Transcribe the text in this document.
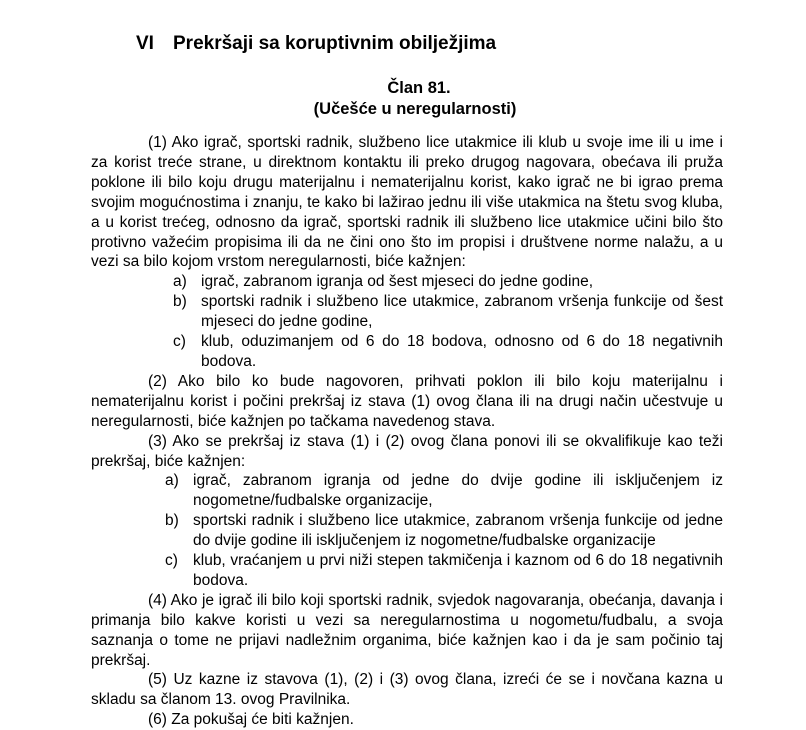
VI Prekršaji sa koruptivnim obilježjima
Član 81.
(Učešće u neregularnosti)

(1) Ako igrač, sportski radnik, službeno lice utakmice ili klub u svoje ime ili u ime i za korist treće strane, u direktnom kontaktu ili preko drugog nagovara, obećava ili pruža poklone ili bilo koju drugu materijalnu i nematerijalnu korist, kako igrač ne bi igrao prema svojim mogućnostima i znanju, te kako bi lažirao jednu ili više utakmica na štetu svog kluba, a u korist trećeg, odnosno da igrač, sportski radnik ili službeno lice utakmice učini bilo što protivno važećim propisima ili da ne čini ono što im propisi i društvene norme nalažu, a u vezi sa bilo kojom vrstom neregularnosti, biće kažnjen:

a) igrač, zabranom igranja od šest mjeseci do jedne godine,
b) sportski radnik i službeno lice utakmice, zabranom vršenja funkcije od šest mjeseci do jedne godine,
c) klub, oduzimanjem od 6 do 18 bodova, odnosno od 6 do 18 negativnih bodova.

(2) Ako bilo ko bude nagovoren, prihvati poklon ili bilo koju materijalnu i nematerijalnu korist i počini prekršaj iz stava (1) ovog člana ili na drugi način učestvuje u neregularnosti, biće kažnjen po tačkama navedenog stava.

(3) Ako se prekršaj iz stava (1) i (2) ovog člana ponovi ili se okvalifikuje kao teži prekršaj, biće kažnjen:

a) igrač, zabranom igranja od jedne do dvije godine ili isključenjem iz nogometne/fudbalske organizacije,
b) sportski radnik i službeno lice utakmice, zabranom vršenja funkcije od jedne do dvije godine ili isključenjem iz nogometne/fudbalske organizacije
c) klub, vraćanjem u prvi niži stepen takmičenja i kaznom od 6 do 18 negativnih bodova.

(4) Ako je igrač ili bilo koji sportski radnik, svjedok nagovaranja, obećanja, davanja i primanja bilo kakve koristi u vezi sa neregularnostima u nogometu/fudbalu, a svoja saznanja o tome ne prijavi nadležnim organima, biće kažnjen kao i da je sam počinio taj prekršaj.

(5) Uz kazne iz stavova (1), (2) i (3) ovog člana, izreći će se i novčana kazna u skladu sa članom 13. ovog Pravilnika.

(6) Za pokušaj će biti kažnjen.
